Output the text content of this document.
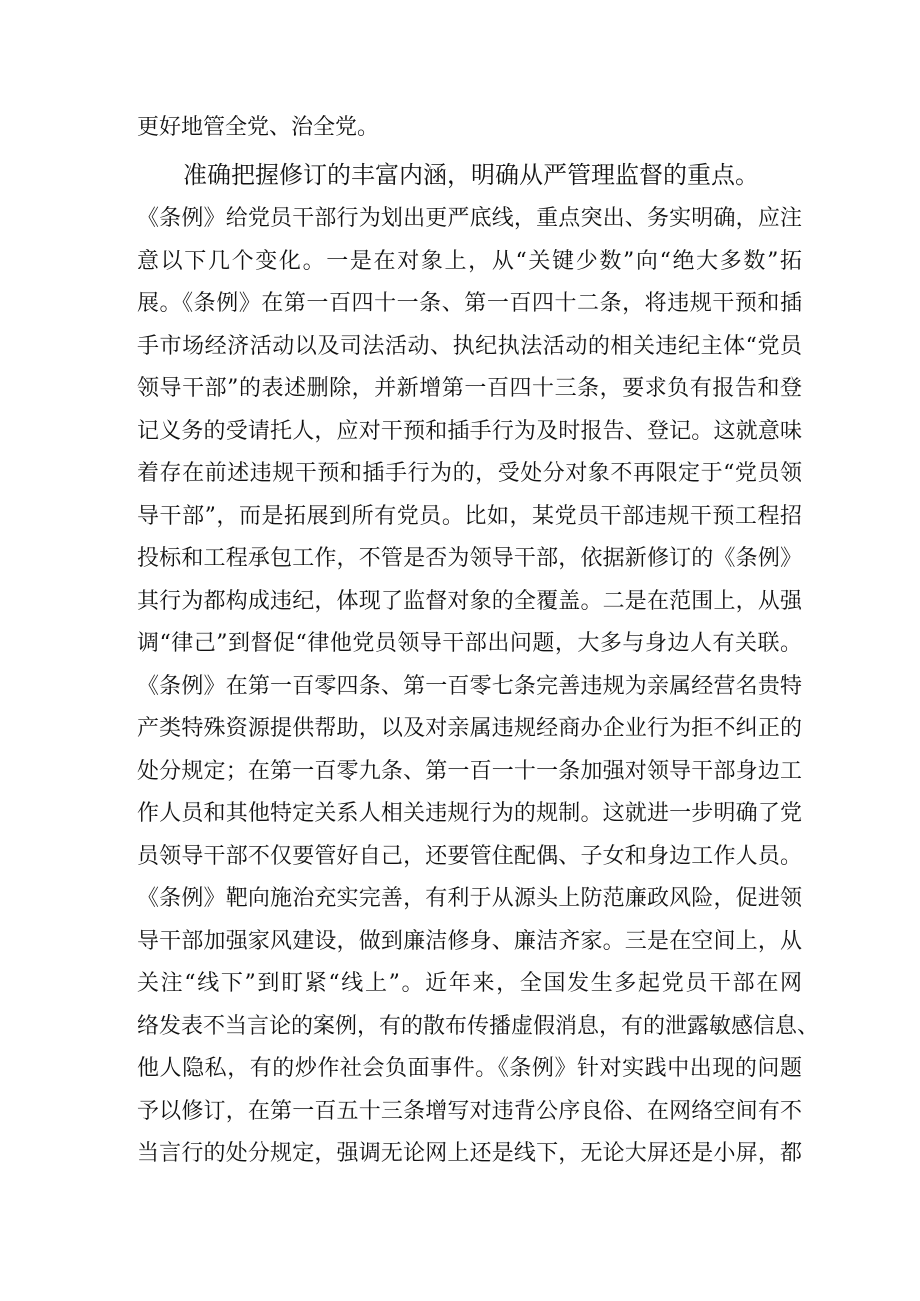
更好地管全党、治全党。
准确把握修订的丰富内涵，明确从严管理监督的重点。
《条例》给党员干部行为划出更严底线，重点突出、务实明确，应注
意以下几个变化。一是在对象上，从“关键少数”向“绝大多数”拓
展。《条例》在第一百四十一条、第一百四十二条，将违规干预和插
手市场经济活动以及司法活动、执纪执法活动的相关违纪主体“党员
领导干部”的表述删除，并新增第一百四十三条，要求负有报告和登
记义务的受请托人，应对干预和插手行为及时报告、登记。这就意味
着存在前述违规干预和插手行为的，受处分对象不再限定于“党员领
导干部”，而是拓展到所有党员。比如，某党员干部违规干预工程招
投标和工程承包工作，不管是否为领导干部，依据新修订的《条例》
其行为都构成违纪，体现了监督对象的全覆盖。二是在范围上，从强
调“律己”到督促“律他党员领导干部出问题，大多与身边人有关联。
《条例》在第一百零四条、第一百零七条完善违规为亲属经营名贵特
产类特殊资源提供帮助，以及对亲属违规经商办企业行为拒不纠正的
处分规定；在第一百零九条、第一百一十一条加强对领导干部身边工
作人员和其他特定关系人相关违规行为的规制。这就进一步明确了党
员领导干部不仅要管好自己，还要管住配偶、子女和身边工作人员。
《条例》靶向施治充实完善，有利于从源头上防范廉政风险，促进领
导干部加强家风建设，做到廉洁修身、廉洁齐家。三是在空间上，从
关注“线下”到盯紧“线上”。近年来，全国发生多起党员干部在网
络发表不当言论的案例，有的散布传播虚假消息，有的泄露敏感信息、
他人隐私，有的炒作社会负面事件。《条例》针对实践中出现的问题
予以修订，在第一百五十三条增写对违背公序良俗、在网络空间有不
当言行的处分规定，强调无论网上还是线下，无论大屏还是小屏，都
